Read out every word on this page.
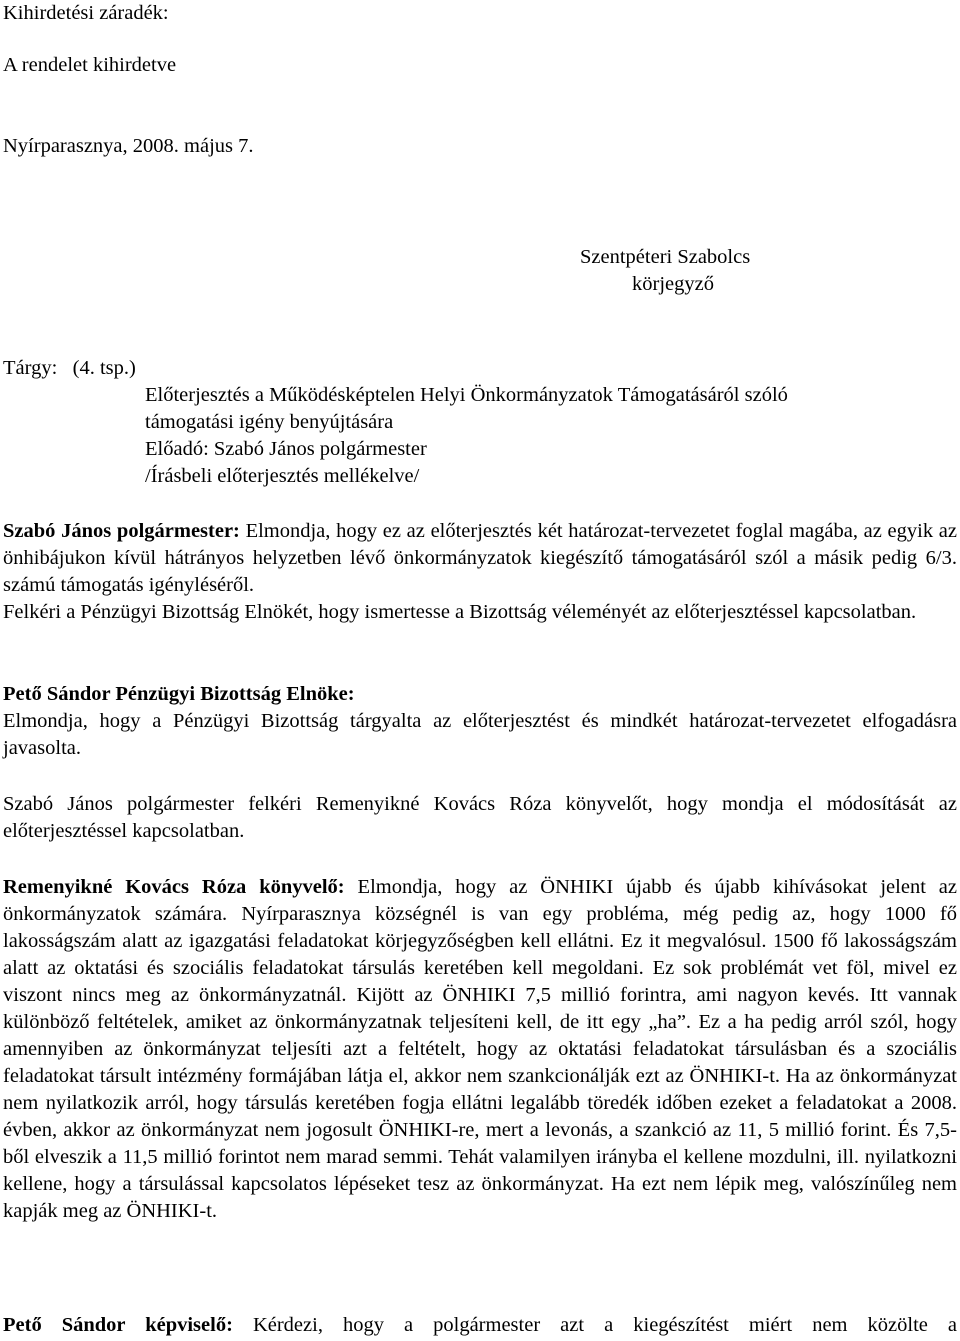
Kihirdetési záradék:
A rendelet kihirdetve
Nyírparasznya, 2008. május 7.
Szentpéteri Szabolcs
körjegyző
Tárgy: (4. tsp.)
Előterjesztés a Működésképtelen Helyi Önkormányzatok Támogatásáról szóló
támogatási igény benyújtására
Előadó: Szabó János polgármester
/Írásbeli előterjesztés mellékelve/

Szabó János polgármester: Elmondja, hogy ez az előterjesztés két határozat-tervezetet foglal magába, az egyik az önhibájukon kívül hátrányos helyzetben lévő önkormányzatok kiegészítő támogatásáról szól a másik pedig 6/3. számú támogatás igényléséről.

Felkéri a Pénzügyi Bizottság Elnökét, hogy ismertesse a Bizottság véleményét az előterjesztéssel kapcsolatban.

Pető Sándor Pénzügyi Bizottság Elnöke:

Elmondja, hogy a Pénzügyi Bizottság tárgyalta az előterjesztést és mindkét határozat-tervezetet elfogadásra javasolta.

Szabó János polgármester felkéri Remenyikné Kovács Róza könyvelőt, hogy mondja el módosítását az előterjesztéssel kapcsolatban.

Remenyikné Kovács Róza könyvelő: Elmondja, hogy az ÖNHIKI újabb és újabb kihívásokat jelent az önkormányzatok számára. Nyírparasznya községnél is van egy probléma, még pedig az, hogy 1000 fő lakosságszám alatt az igazgatási feladatokat körjegyzőségben kell ellátni. Ez it megvalósul. 1500 fő lakosságszám alatt az oktatási és szociális feladatokat társulás keretében kell megoldani. Ez sok problémát vet föl, mivel ez viszont nincs meg az önkormányzatnál. Kijött az ÖNHIKI 7,5 millió forintra, ami nagyon kevés. Itt vannak különböző feltételek, amiket az önkormányzatnak teljesíteni kell, de itt egy „ha”. Ez a ha pedig arról szól, hogy amennyiben az önkormányzat teljesíti azt a feltételt, hogy az oktatási feladatokat társulásban és a szociális feladatokat társult intézmény formájában látja el, akkor nem szankcionálják ezt az ÖNHIKI-t. Ha az önkormányzat nem nyilatkozik arról, hogy társulás keretében fogja ellátni legalább töredék időben ezeket a feladatokat a 2008. évben, akkor az önkormányzat nem jogosult ÖNHIKI-re, mert a levonás, a szankció az 11, 5 millió forint. És 7,5-ből elveszik a 11,5 millió forintot nem marad semmi. Tehát valamilyen irányba el kellene mozdulni, ill. nyilatkozni kellene, hogy a társulással kapcsolatos lépéseket tesz az önkormányzat. Ha ezt nem lépik meg, valószínűleg nem kapják meg az ÖNHIKI-t.

Pető Sándor képviselő: Kérdezi, hogy a polgármester azt a kiegészítést miért nem közölte a
